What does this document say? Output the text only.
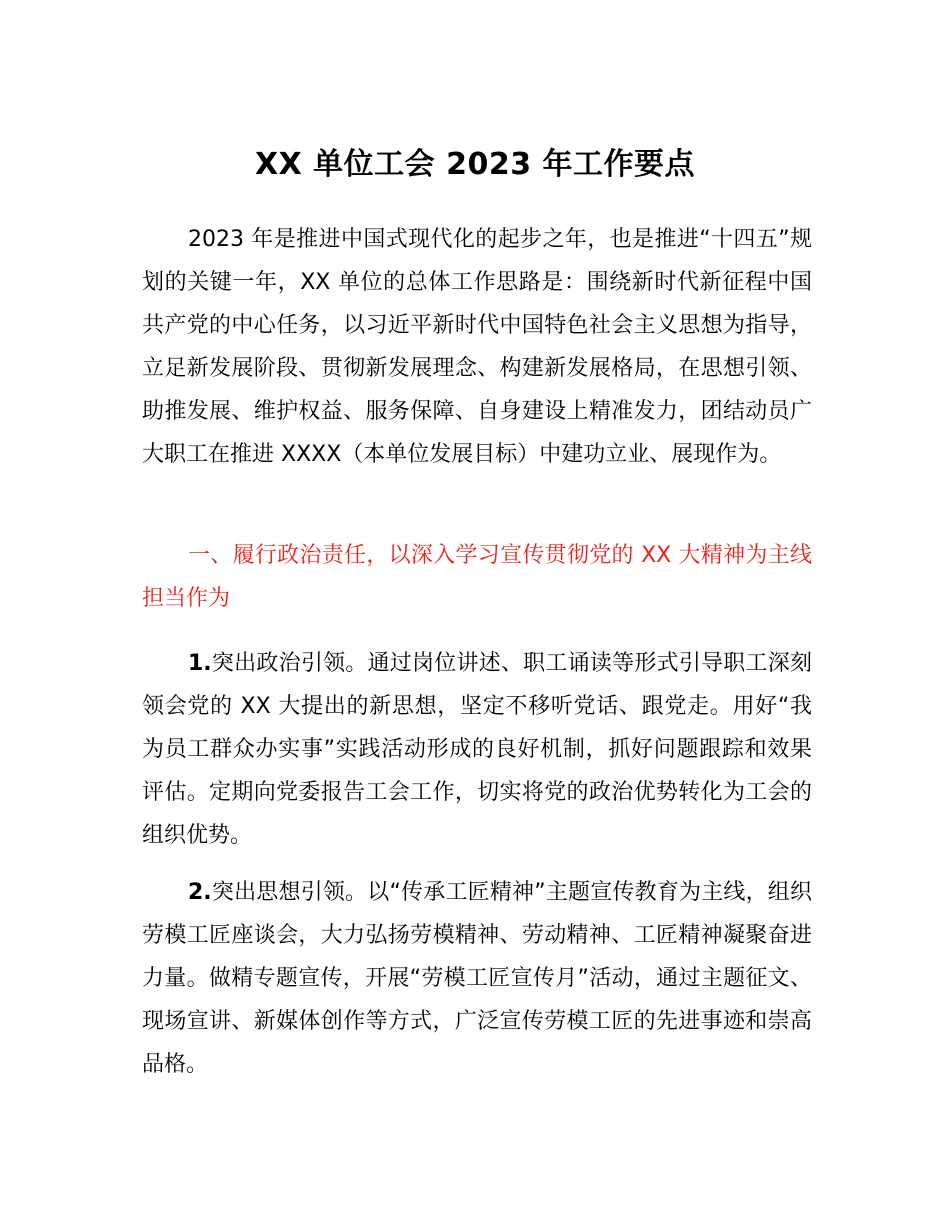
XX 单位工会 2023 年工作要点
2023 年是推进中国式现代化的起步之年，也是推进“十四五”规划的关键一年，XX 单位的总体工作思路是：围绕新时代新征程中国共产党的中心任务，以习近平新时代中国特色社会主义思想为指导，立足新发展阶段、贯彻新发展理念、构建新发展格局，在思想引领、助推发展、维护权益、服务保障、自身建设上精准发力，团结动员广大职工在推进 XXXX（本单位发展目标）中建功立业、展现作为。
一、履行政治责任，以深入学习宣传贯彻党的 XX 大精神为主线担当作为
1.突出政治引领。通过岗位讲述、职工诵读等形式引导职工深刻领会党的 XX 大提出的新思想，坚定不移听党话、跟党走。用好“我为员工群众办实事”实践活动形成的良好机制，抓好问题跟踪和效果评估。定期向党委报告工会工作，切实将党的政治优势转化为工会的组织优势。
2.突出思想引领。以“传承工匠精神”主题宣传教育为主线，组织劳模工匠座谈会，大力弘扬劳模精神、劳动精神、工匠精神凝聚奋进力量。做精专题宣传，开展“劳模工匠宣传月”活动，通过主题征文、现场宣讲、新媒体创作等方式，广泛宣传劳模工匠的先进事迹和崇高品格。
